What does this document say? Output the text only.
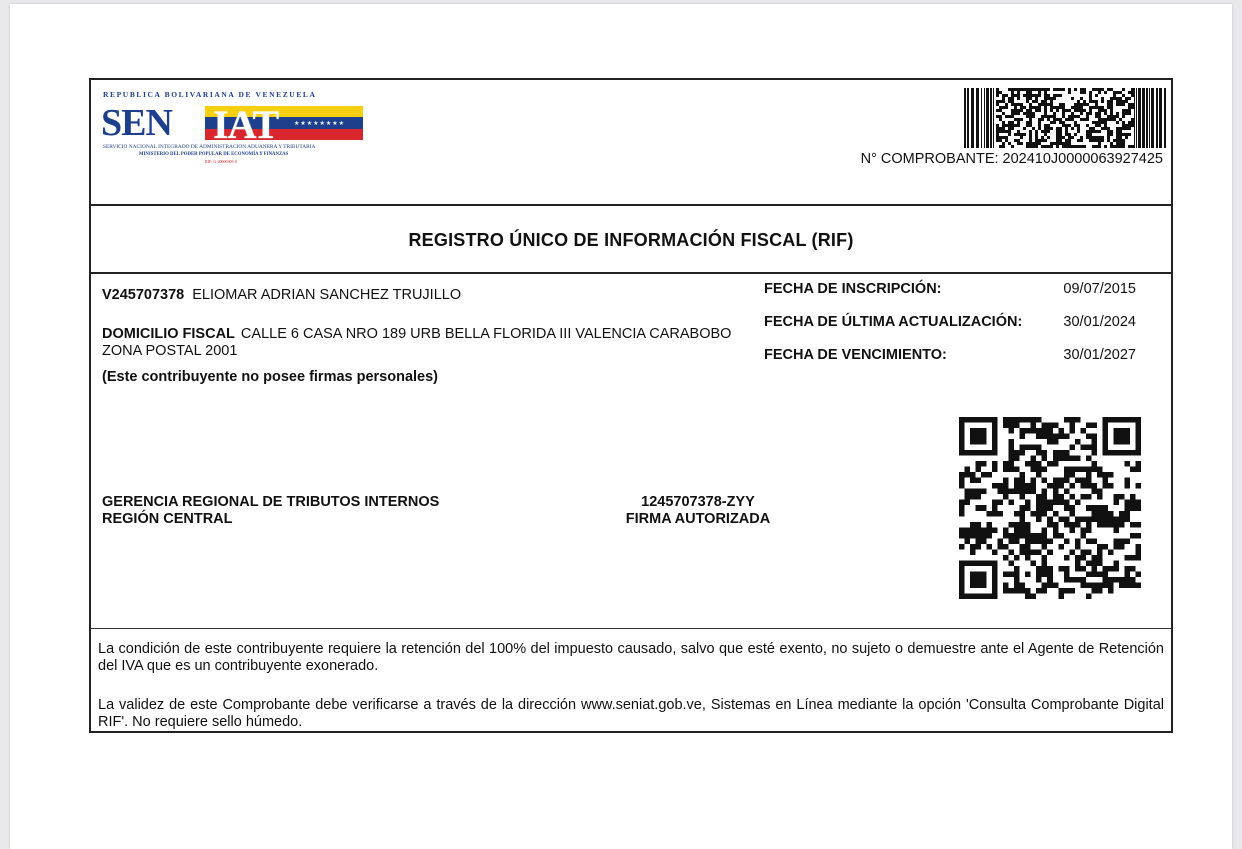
REPUBLICA BOLIVARIANA DE VENEZUELA
SEN IAT	★★★★★★★★
SERVICIO NACIONAL INTEGRADO DE ADMINISTRACION ADUANERA Y TRIBUTARIA
MINISTERIO DEL PODER POPULAR DE ECONOMÍA Y FINANZAS
RIF: G-20000303-0	N° COMPROBANTE: 202410J0000063927425
REGISTRO ÚNICO DE INFORMACIÓN FISCAL (RIF)
V245707378 ELIOMAR ADRIAN SANCHEZ TRUJILLO
DOMICILIO FISCAL CALLE 6 CASA NRO 189 URB BELLA FLORIDA III VALENCIA CARABOBO ZONA POSTAL 2001
(Este contribuyente no posee firmas personales)
FECHA DE INSCRIPCIÓN:	09/07/2015
FECHA DE ÚLTIMA ACTUALIZACIÓN:	30/01/2024
FECHA DE VENCIMIENTO:	30/01/2027
GERENCIA REGIONAL DE TRIBUTOS INTERNOS
REGIÓN CENTRAL
1245707378-ZYY
FIRMA AUTORIZADA
La condición de este contribuyente requiere la retención del 100% del impuesto causado, salvo que esté exento, no sujeto o demuestre ante el Agente de Retención del IVA que es un contribuyente exonerado.
La validez de este Comprobante debe verificarse a través de la dirección www.seniat.gob.ve, Sistemas en Línea mediante la opción 'Consulta Comprobante Digital RIF'. No requiere sello húmedo.
